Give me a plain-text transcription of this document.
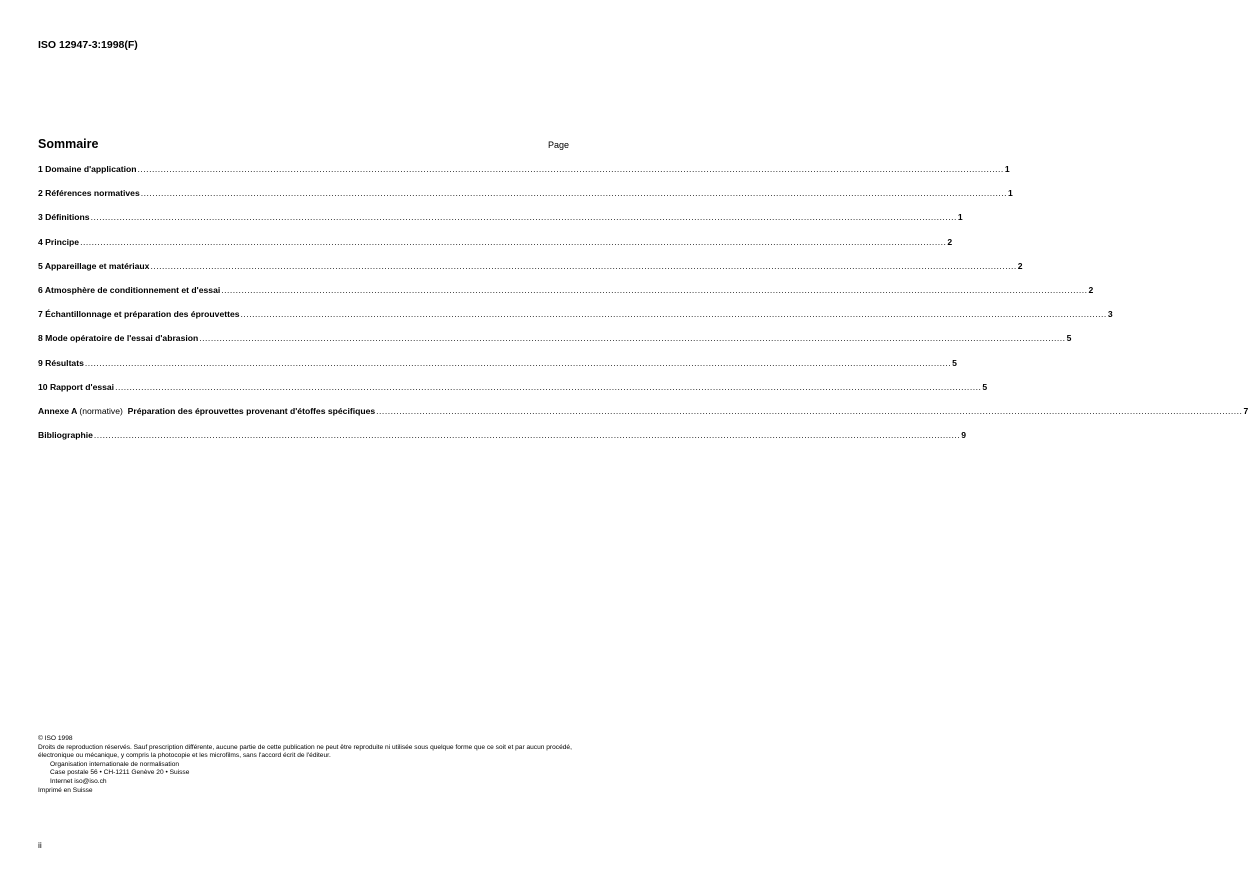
ISO 12947-3:1998(F)
Sommaire	Page
1 Domaine d'application ............................................................................................................................................................................................................................................................................................................ 1
2 Références normatives ............................................................................................................................................................................................................................................................................................................ 1
3 Définitions ............................................................................................................................................................................................................................................................................................................ 1
4 Principe ............................................................................................................................................................................................................................................................................................................ 2
5 Appareillage et matériaux ............................................................................................................................................................................................................................................................................................................ 2
6 Atmosphère de conditionnement et d'essai ............................................................................................................................................................................................................................................................................................................ 2
7 Échantillonnage et préparation des éprouvettes ............................................................................................................................................................................................................................................................................................................ 3
8 Mode opératoire de l'essai d'abrasion ............................................................................................................................................................................................................................................................................................................ 5
9 Résultats ............................................................................................................................................................................................................................................................................................................ 5
10 Rapport d'essai ............................................................................................................................................................................................................................................................................................................ 5
Annexe A (normative) Préparation des éprouvettes provenant d'étoffes spécifiques ............................................................................................................................................................................................................................................................................................................ 7
Bibliographie ............................................................................................................................................................................................................................................................................................................ 9

© ISO 1998

Droits de reproduction réservés. Sauf prescription différente, aucune partie de cette publication ne peut être reproduite ni utilisée sous quelque forme que ce soit et par aucun procédé, électronique ou mécanique, y compris la photocopie et les microfilms, sans l'accord écrit de l'éditeur.

Organisation internationale de normalisation

Case postale 56 • CH-1211 Genève 20 • Suisse

Internet iso@iso.ch

Imprimé en Suisse

ii
